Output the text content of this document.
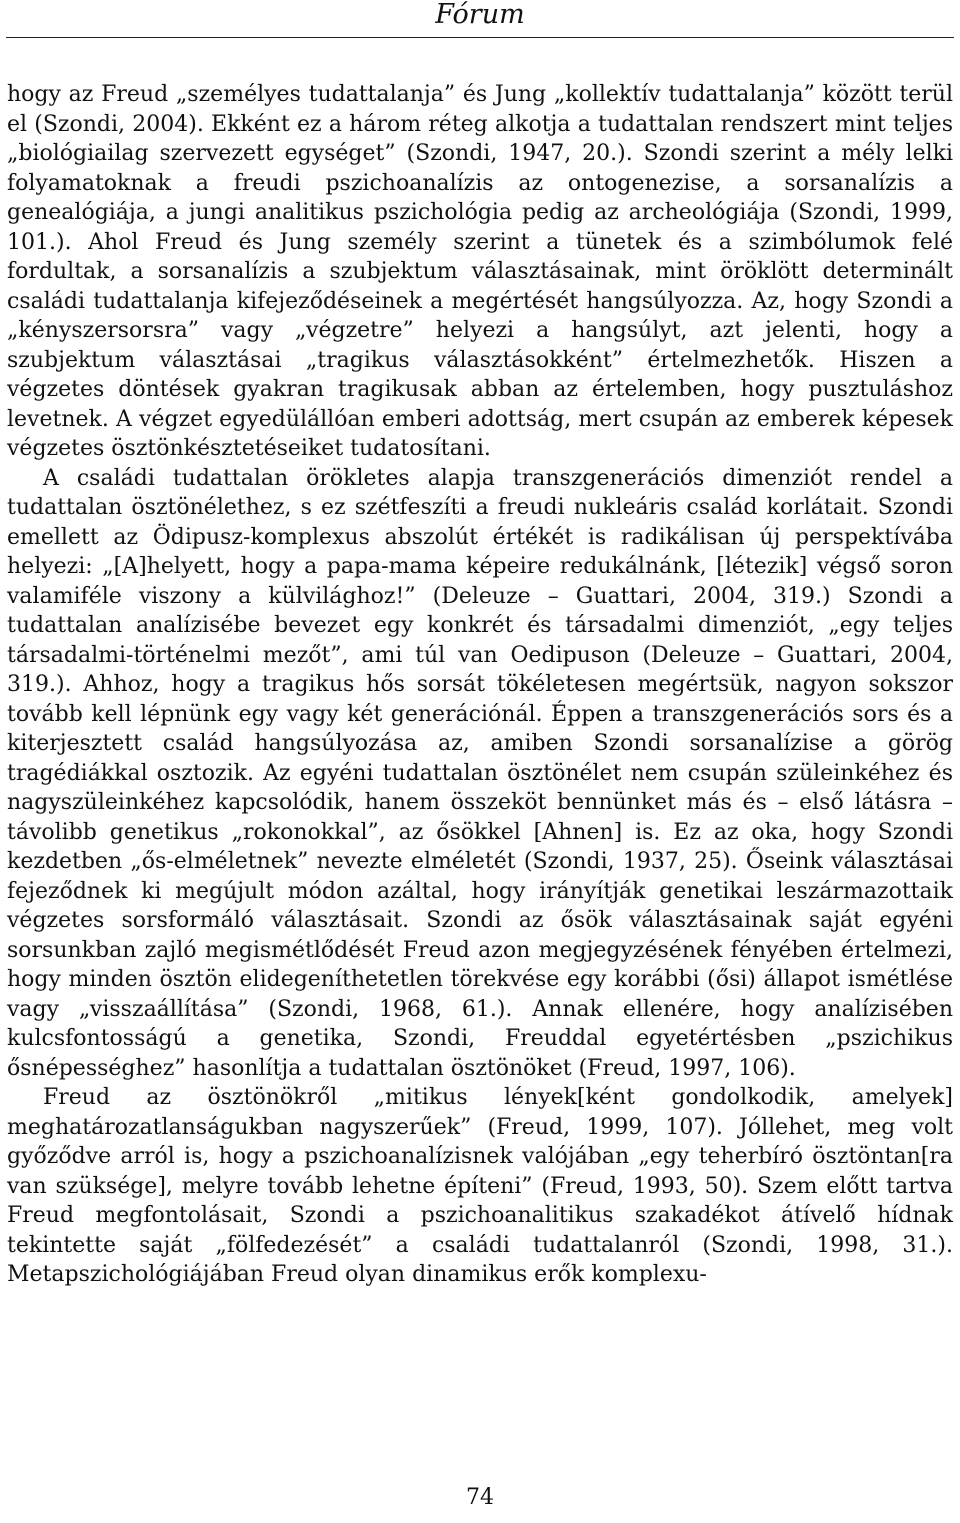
Fórum

hogy az Freud „személyes tudattalanja” és Jung „kollektív tudattalanja” között terül el (Szondi, 2004). Ekként ez a három réteg alkotja a tudattalan rendszert mint teljes „biológiailag szervezett egységet” (Szondi, 1947, 20.). Szondi szerint a mély lelki folyamatoknak a freudi pszichoanalízis az ontogenezise, a sorsanalízis a genealógiája, a jungi analitikus pszichológia pedig az archeológiája (Szondi, 1999, 101.). Ahol Freud és Jung személy szerint a tünetek és a szimbólumok felé fordultak, a sorsanalízis a szubjektum választásainak, mint öröklött determinált családi tudattalanja kifejeződéseinek a megértését hangsúlyozza. Az, hogy Szondi a „kényszersorsra” vagy „végzetre” helyezi a hangsúlyt, azt jelenti, hogy a szubjektum választásai „tragikus választásokként” értelmezhetők. Hiszen a végzetes döntések gyakran tragikusak abban az értelemben, hogy pusztuláshoz levetnek. A végzet egyedülállóan emberi adottság, mert csupán az emberek képesek végzetes ösztönkésztetéseiket tudatosítani.

A családi tudattalan örökletes alapja transzgenerációs dimenziót rendel a tudattalan ösztönélethez, s ez szétfeszíti a freudi nukleáris család korlátait. Szondi emellett az Ödipusz-komplexus abszolút értékét is radikálisan új perspektívába helyezi: „[A]helyett, hogy a papa-mama képeire redukálnánk, [létezik] végső soron valamiféle viszony a külvilághoz!” (Deleuze – Guattari, 2004, 319.) Szondi a tudattalan analízisébe bevezet egy konkrét és társadalmi dimenziót, „egy teljes társadalmi-történelmi mezőt”, ami túl van Oedipuson (Deleuze – Guattari, 2004, 319.). Ahhoz, hogy a tragikus hős sorsát tökéletesen megértsük, nagyon sokszor tovább kell lépnünk egy vagy két generációnál. Éppen a transzgenerációs sors és a kiterjesztett család hangsúlyozása az, amiben Szondi sorsanalízise a görög tragédiákkal osztozik. Az egyéni tudattalan ösztönélet nem csupán szüleinkéhez és nagyszüleinkéhez kapcsolódik, hanem összeköt bennünket más és – első látásra – távolibb genetikus „rokonokkal”, az ősökkel [Ahnen] is. Ez az oka, hogy Szondi kezdetben „ős-elméletnek” nevezte elméletét (Szondi, 1937, 25). Őseink választásai fejeződnek ki megújult módon azáltal, hogy irányítják genetikai leszármazottaik végzetes sorsformáló választásait. Szondi az ősök választásainak saját egyéni sorsunkban zajló megismétlődését Freud azon megjegyzésének fényében értelmezi, hogy minden ösztön elidegeníthetetlen törekvése egy korábbi (ősi) állapot ismétlése vagy „visszaállítása” (Szondi, 1968, 61.). Annak ellenére, hogy analízisében kulcsfontosságú a genetika, Szondi, Freuddal egyetértésben „pszichikus ősnépességhez” hasonlítja a tudattalan ösztönöket (Freud, 1997, 106).

Freud az ösztönökről „mitikus lények[ként gondolkodik, amelyek] meghatározatlanságukban nagyszerűek” (Freud, 1999, 107). Jóllehet, meg volt győződve arról is, hogy a pszichoanalízisnek valójában „egy teherbíró ösztöntan[ra van szüksége], melyre tovább lehetne építeni” (Freud, 1993, 50). Szem előtt tartva Freud megfontolásait, Szondi a pszichoanalitikus szakadékot átívelő hídnak tekintette saját „fölfedezését” a családi tudattalanról (Szondi, 1998, 31.). Metapszichológiájában Freud olyan dinamikus erők komplexu-

74
